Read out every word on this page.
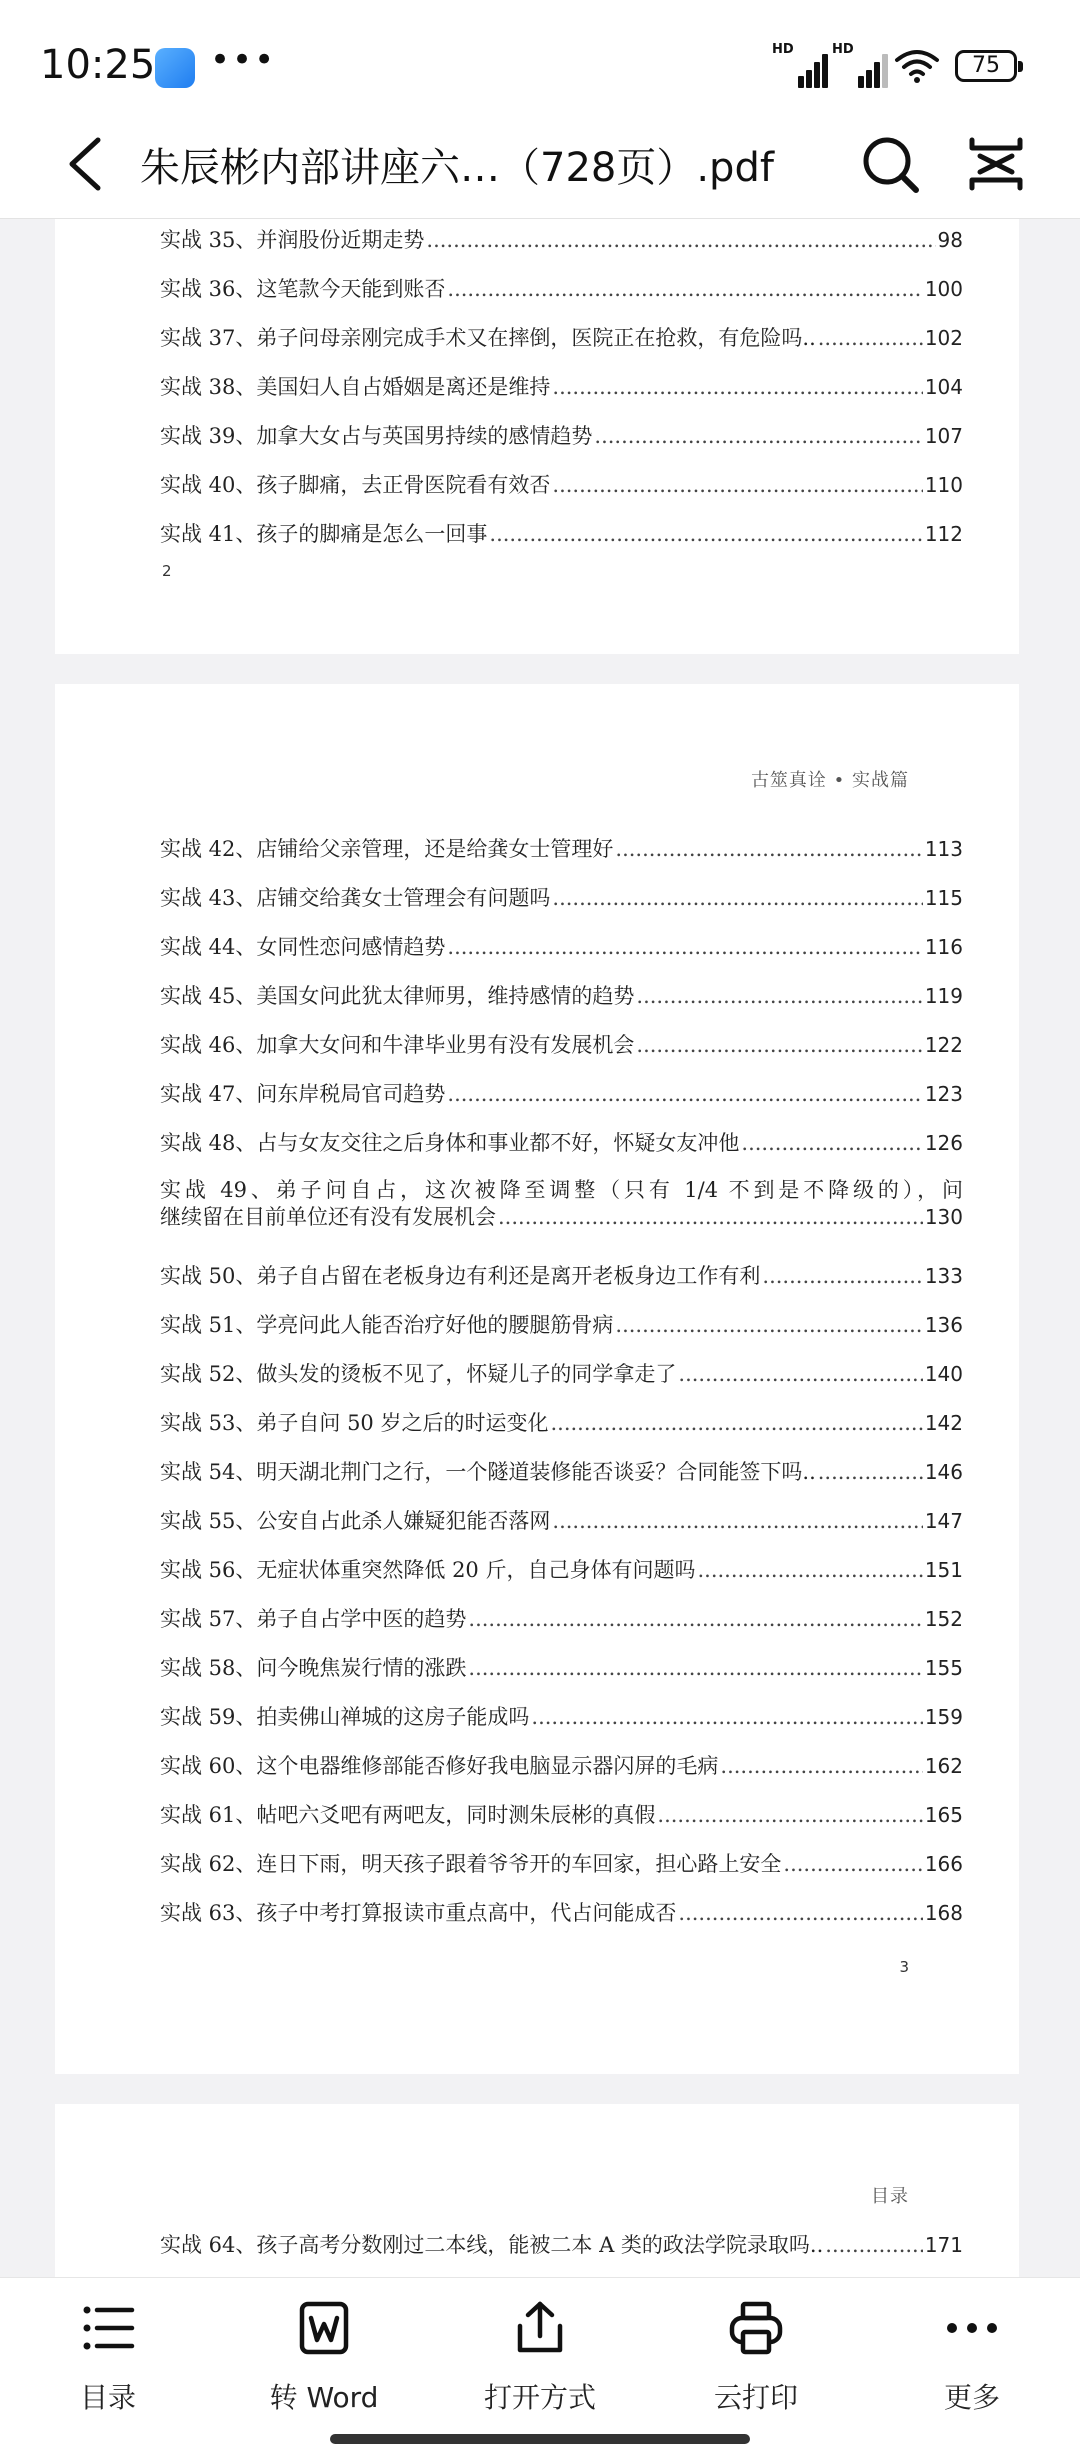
10:25 •••	HD	HD
75
朱辰彬内部讲座六…（728页）.pdf
实战 35、并润股份近期走势 .....	98
实战 36、这笔款今天能到账否 .....	100
实战 37、弟子问母亲刚完成手术又在摔倒，医院正在抢救，有危险吗.. .....	102
实战 38、美国妇人自占婚姻是离还是维持 .....	104
实战 39、加拿大女占与英国男持续的感情趋势 .....	107
实战 40、孩子脚痛，去正骨医院看有效否 .....	110
实战 41、孩子的脚痛是怎么一回事 .....	112
2
古筮真诠 • 实战篇
实战 42、店铺给父亲管理，还是给龚女士管理好 .....	113
实战 43、店铺交给龚女士管理会有问题吗 .....	115
实战 44、女同性恋问感情趋势 .....	116
实战 45、美国女问此犹太律师男，维持感情的趋势 .....	119
实战 46、加拿大女问和牛津毕业男有没有发展机会 .....	122
实战 47、问东岸税局官司趋势 .....	123
实战 48、占与女友交往之后身体和事业都不好，怀疑女友冲他 .....	126
实战 49、弟子问自占，这次被降至调整（只有 1/4 不到是不降级的），问
继续留在目前单位还有没有发展机会 .....	130
实战 50、弟子自占留在老板身边有利还是离开老板身边工作有利 .....	133
实战 51、学亮问此人能否治疗好他的腰腿筋骨病 .....	136
实战 52、做头发的烫板不见了，怀疑儿子的同学拿走了 .....	140
实战 53、弟子自问 50 岁之后的时运变化 .....	142
实战 54、明天湖北荆门之行，一个隧道装修能否谈妥？合同能签下吗.. .....	146
实战 55、公安自占此杀人嫌疑犯能否落网 .....	147
实战 56、无症状体重突然降低 20 斤，自己身体有问题吗 .....	151
实战 57、弟子自占学中医的趋势 .....	152
实战 58、问今晚焦炭行情的涨跌 .....	155
实战 59、拍卖佛山禅城的这房子能成吗 .....	159
实战 60、这个电器维修部能否修好我电脑显示器闪屏的毛病 .....	162
实战 61、帖吧六爻吧有两吧友，同时测朱辰彬的真假 .....	165
实战 62、连日下雨，明天孩子跟着爷爷开的车回家，担心路上安全 .....	166
实战 63、孩子中考打算报读市重点高中，代占问能成否 .....	168
3
目录
实战 64、孩子高考分数刚过二本线，能被二本 A 类的政法学院录取吗.. .....	171
目录	转 Word	打开方式	云打印	更多
